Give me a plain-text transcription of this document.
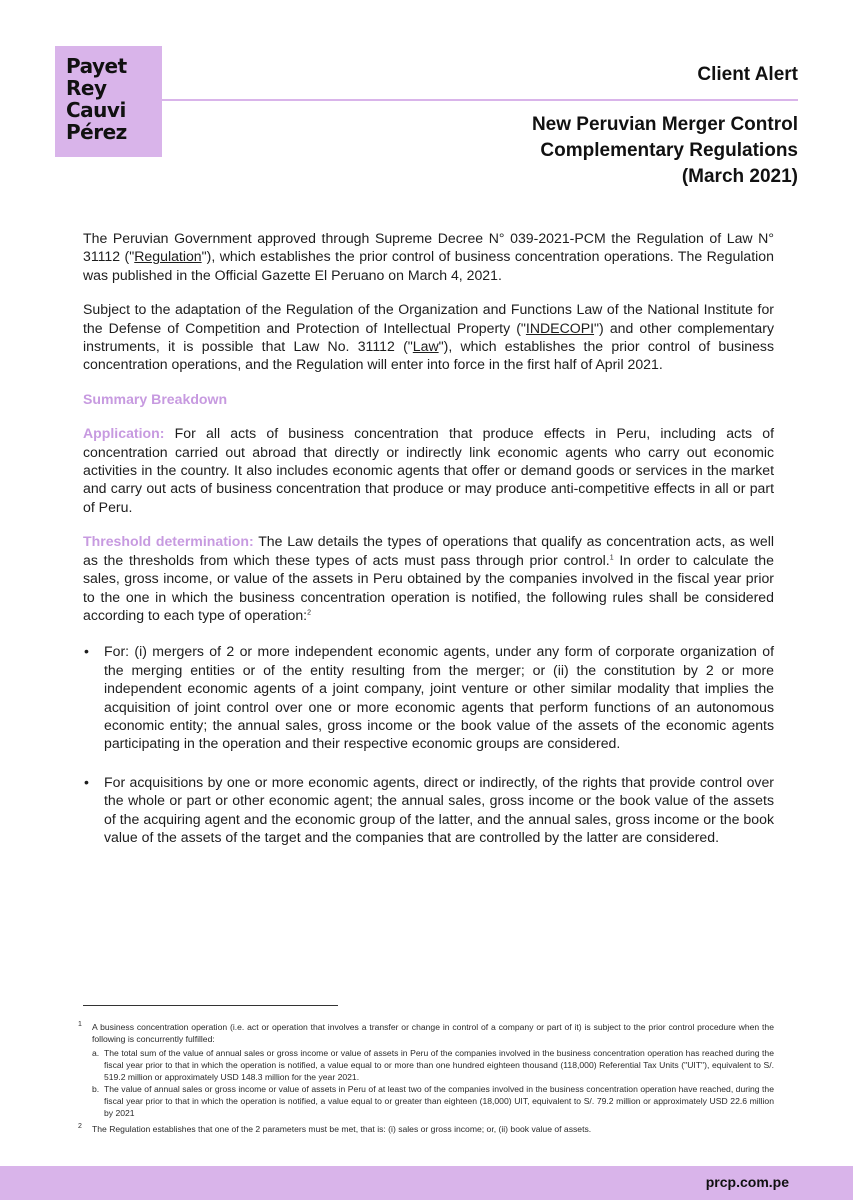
Payet
Rey
Cauvi
Pérez
Client Alert
New Peruvian Merger Control
Complementary Regulations
(March 2021)

The Peruvian Government approved through Supreme Decree N° 039-2021-PCM the Regulation of Law N° 31112 ("Regulation"), which establishes the prior control of business concentration operations. The Regulation was published in the Official Gazette El Peruano on March 4, 2021.

Subject to the adaptation of the Regulation of the Organization and Functions Law of the National Institute for the Defense of Competition and Protection of Intellectual Property ("INDECOPI") and other complementary instruments, it is possible that Law No. 31112 ("Law"), which establishes the prior control of business concentration operations, and the Regulation will enter into force in the first half of April 2021.

Summary Breakdown

Application: For all acts of business concentration that produce effects in Peru, including acts of concentration carried out abroad that directly or indirectly link economic agents who carry out economic activities in the country. It also includes economic agents that offer or demand goods or services in the market and carry out acts of business concentration that produce or may produce anti-competitive effects in all or part of Peru.

Threshold determination: The Law details the types of operations that qualify as concentration acts, as well as the thresholds from which these types of acts must pass through prior control.$^1$ In order to calculate the sales, gross income, or value of the assets in Peru obtained by the companies involved in the fiscal year prior to the one in which the business concentration operation is notified, the following rules shall be considered according to each type of operation:$^2$

• For: (i) mergers of 2 or more independent economic agents, under any form of corporate organization of the merging entities or of the entity resulting from the merger; or (ii) the constitution by 2 or more independent economic agents of a joint company, joint venture or other similar modality that implies the acquisition of joint control over one or more economic agents that perform functions of an autonomous economic entity; the annual sales, gross income or the book value of the assets of the economic agents participating in the operation and their respective economic groups are considered.
• For acquisitions by one or more economic agents, direct or indirectly, of the rights that provide control over the whole or part or other economic agent; the annual sales, gross income or the book value of the assets of the acquiring agent and the economic group of the latter, and the annual sales, gross income or the book value of the assets of the target and the companies that are controlled by the latter are considered.
1 A business concentration operation (i.e. act or operation that involves a transfer or change in control of a company or part of it) is subject to the prior control procedure when the following is concurrently fulfilled:
a. The total sum of the value of annual sales or gross income or value of assets in Peru of the companies involved in the business concentration operation has reached during the fiscal year prior to that in which the operation is notified, a value equal to or more than one hundred eighteen thousand (118,000) Referential Tax Units ("UIT"), equivalent to S/. 519.2 million or approximately USD 148.3 million for the year 2021.
b. The value of annual sales or gross income or value of assets in Peru of at least two of the companies involved in the business concentration operation have reached, during the fiscal year prior to that in which the operation is notified, a value equal to or greater than eighteen (18,000) UIT, equivalent to S/. 79.2 million or approximately USD 22.6 million by 2021
2 The Regulation establishes that one of the 2 parameters must be met, that is: (i) sales or gross income; or, (ii) book value of assets.
prcp.com.pe
